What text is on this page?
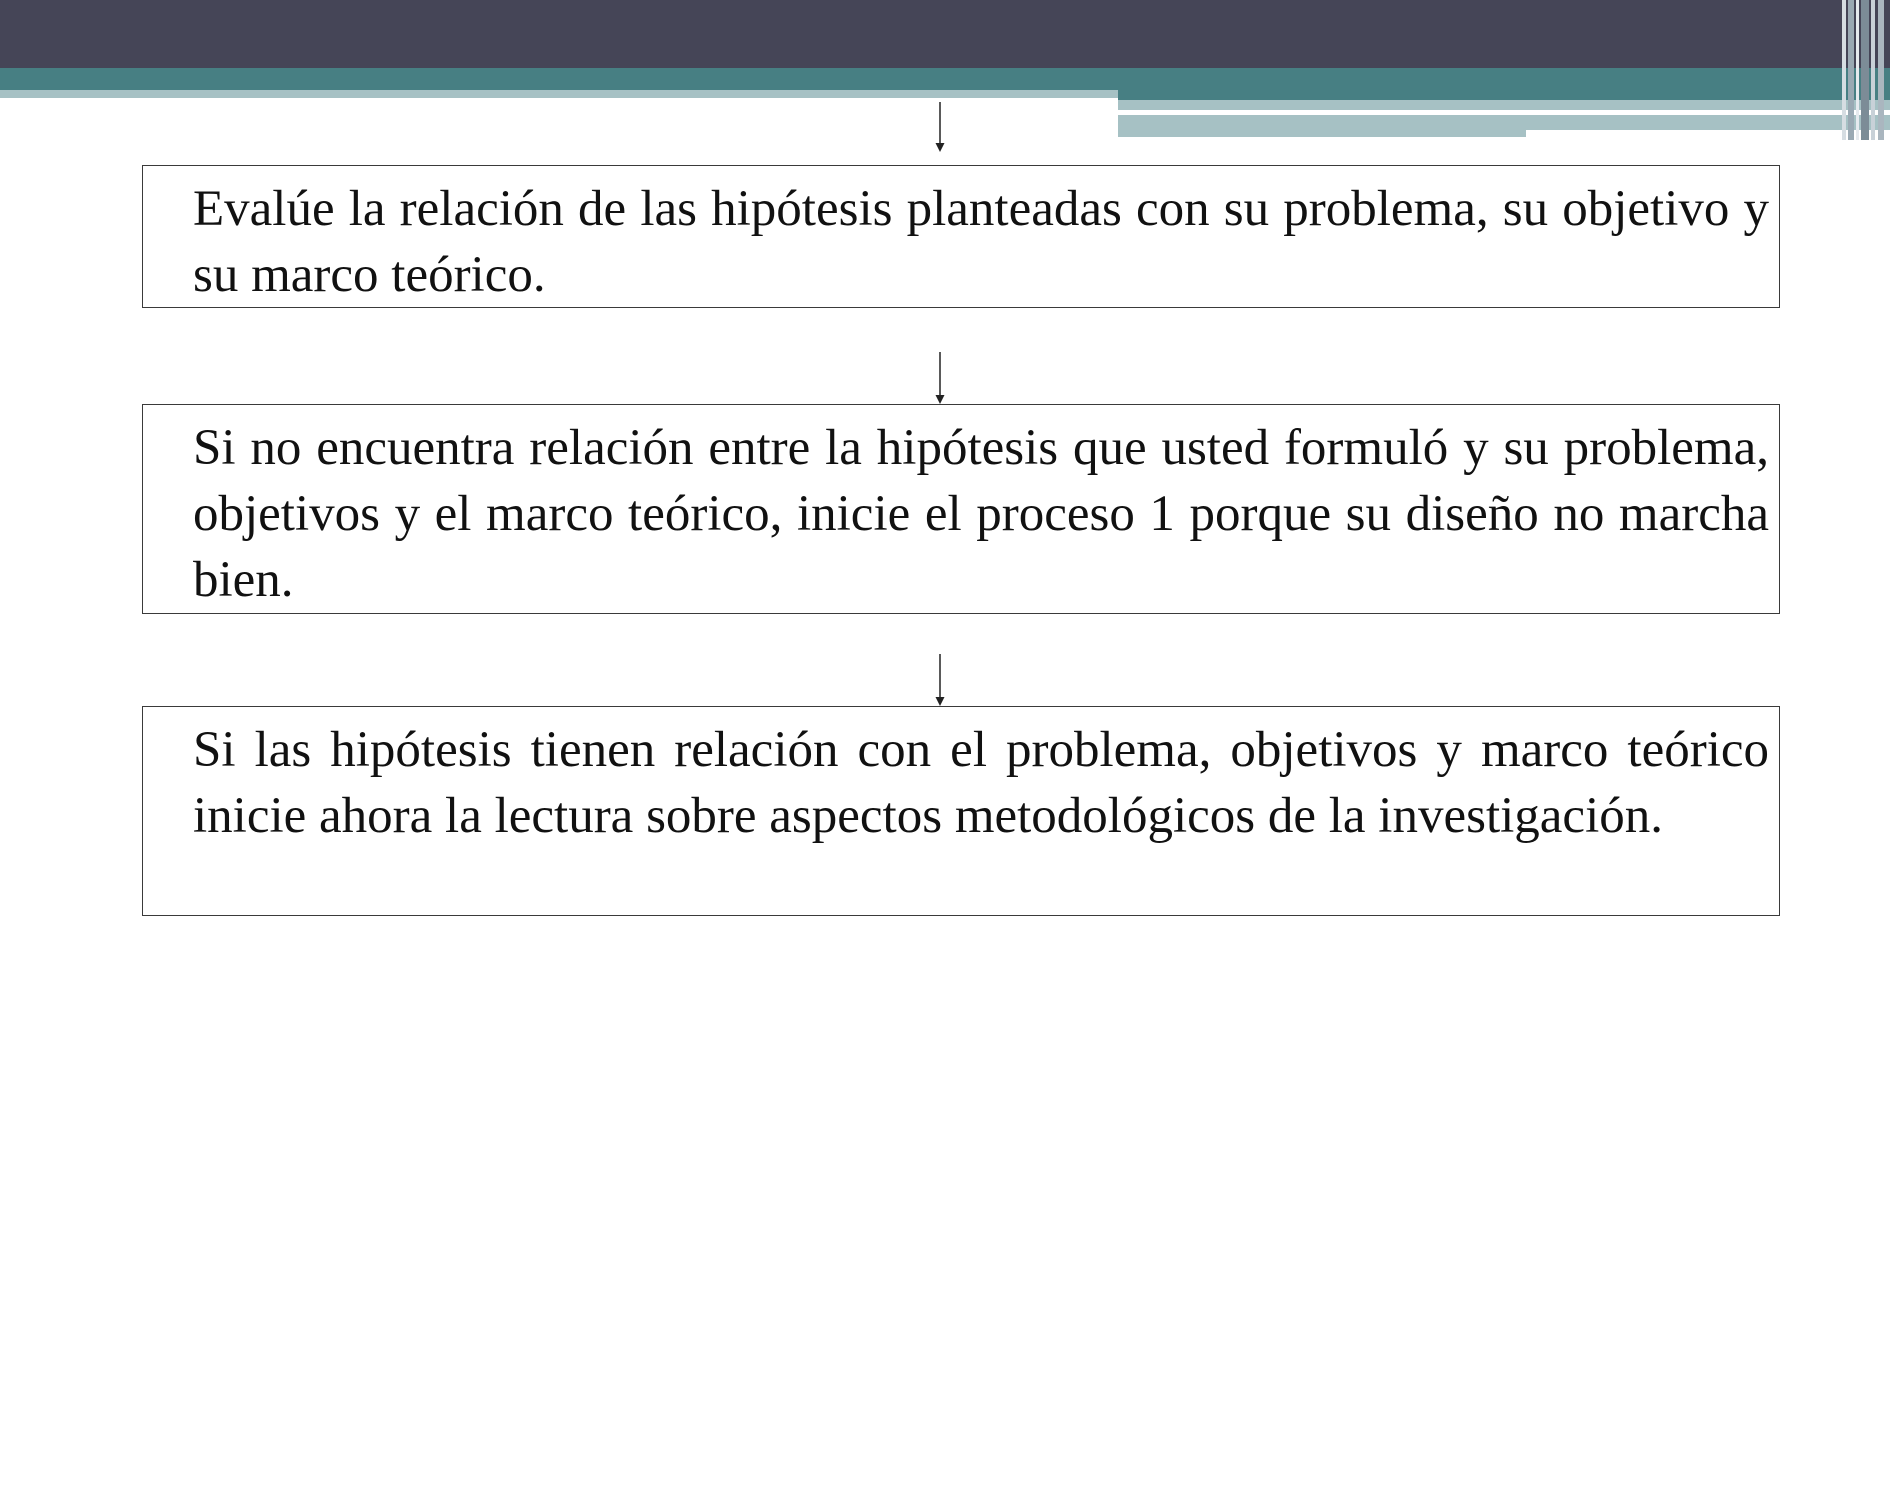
Evalúe la relación de las hipótesis planteadas con su problema, su objetivo y su marco teórico.

Si no encuentra relación entre la hipótesis que usted formuló y su problema, objetivos y el marco teórico, inicie el proceso 1 porque su diseño no marcha bien.

Si las hipótesis tienen relación con el problema, objetivos y marco teórico inicie ahora la lectura sobre aspectos metodológicos de la investigación.
